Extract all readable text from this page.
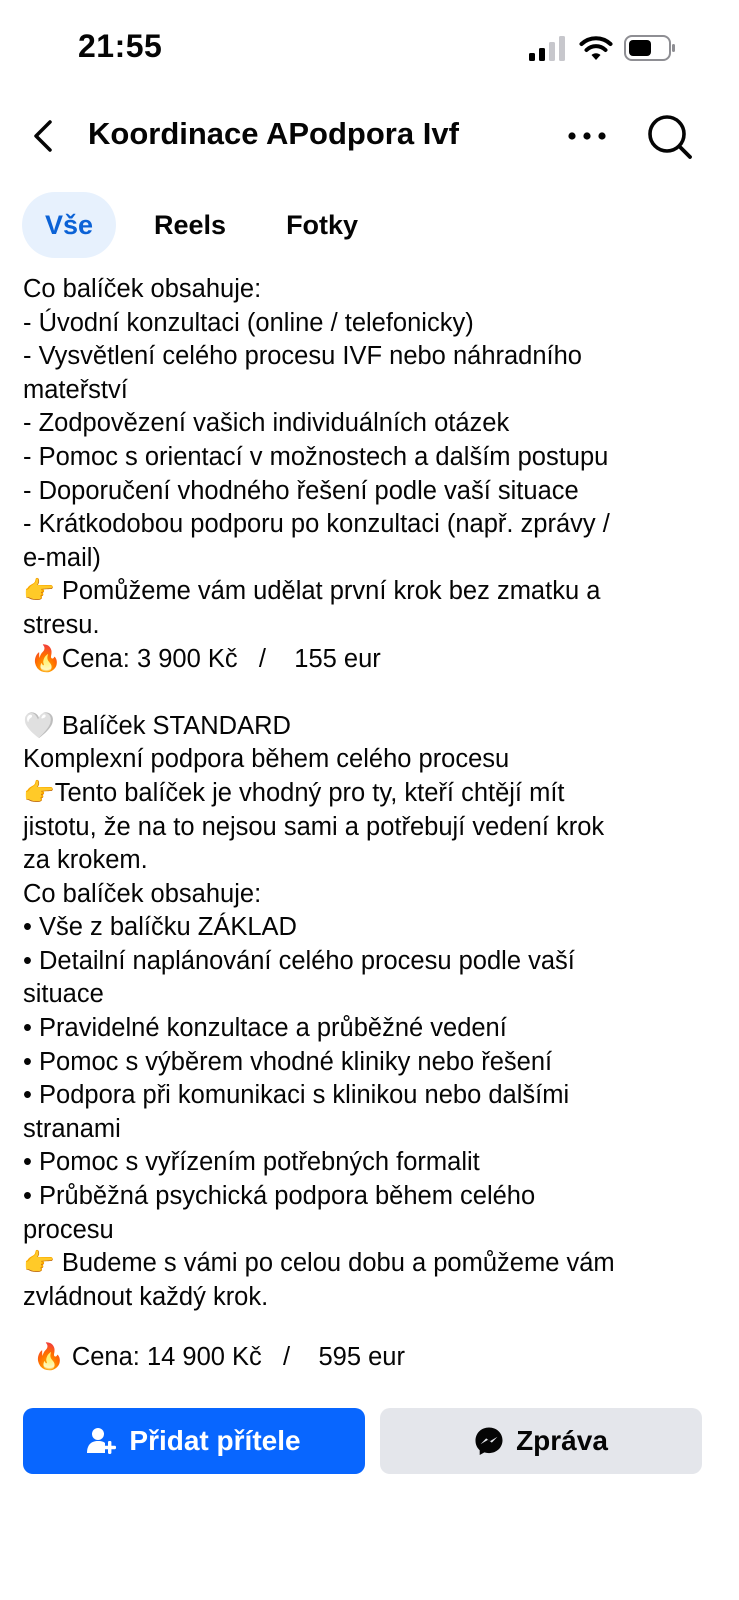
21:55
Koordinace APodpora Ivf
Vše	Reels Fotky
Co balíček obsahuje:
- Úvodní konzultaci (online / telefonicky)
- Vysvětlení celého procesu IVF nebo náhradního
mateřství
- Zodpovězení vašich individuálních otázek
- Pomoc s orientací v možnostech a dalším postupu
- Doporučení vhodného řešení podle vaší situace
- Krátkodobou podporu po konzultaci (např. zprávy /
e-mail)
👉 Pomůžeme vám udělat první krok bez zmatku a
stresu.
🔥Cena: 3 900 Kč   /    155 eur
🤍 Balíček STANDARD
Komplexní podpora během celého procesu
👉Tento balíček je vhodný pro ty, kteří chtějí mít
jistotu, že na to nejsou sami a potřebují vedení krok
za krokem.
Co balíček obsahuje:
• Vše z balíčku ZÁKLAD
• Detailní naplánování celého procesu podle vaší
situace
• Pravidelné konzultace a průběžné vedení
• Pomoc s výběrem vhodné kliniky nebo řešení
• Podpora při komunikaci s klinikou nebo dalšími
stranami
• Pomoc s vyřízením potřebných formalit
• Průběžná psychická podpora během celého
procesu
👉 Budeme s vámi po celou dobu a pomůžeme vám
zvládnout každý krok.
🔥 Cena: 14 900 Kč   /    595 eur
Přidat přítele	Zpráva
